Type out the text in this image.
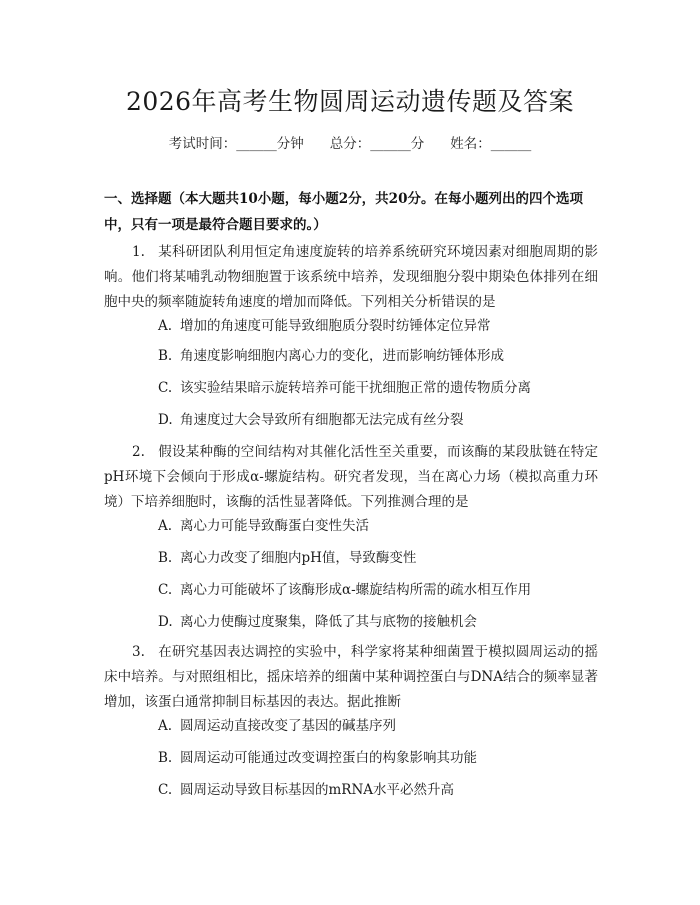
2026年高考生物圆周运动遗传题及答案
考试时间：______分钟 总分：______分 姓名：______
一、选择题（本大题共10小题，每小题2分，共20分。在每小题列出的四个选项中，只有一项是最符合题目要求的。）
1. 某科研团队利用恒定角速度旋转的培养系统研究环境因素对细胞周期的影响。他们将某哺乳动物细胞置于该系统中培养，发现细胞分裂中期染色体排列在细胞中央的频率随旋转角速度的增加而降低。下列相关分析错误的是
A. 增加的角速度可能导致细胞质分裂时纺锤体定位异常
B. 角速度影响细胞内离心力的变化，进而影响纺锤体形成
C. 该实验结果暗示旋转培养可能干扰细胞正常的遗传物质分离
D. 角速度过大会导致所有细胞都无法完成有丝分裂
2. 假设某种酶的空间结构对其催化活性至关重要，而该酶的某段肽链在特定pH环境下会倾向于形成α-螺旋结构。研究者发现，当在离心力场（模拟高重力环境）下培养细胞时，该酶的活性显著降低。下列推测合理的是
A. 离心力可能导致酶蛋白变性失活
B. 离心力改变了细胞内pH值，导致酶变性
C. 离心力可能破坏了该酶形成α-螺旋结构所需的疏水相互作用
D. 离心力使酶过度聚集，降低了其与底物的接触机会
3. 在研究基因表达调控的实验中，科学家将某种细菌置于模拟圆周运动的摇床中培养。与对照组相比，摇床培养的细菌中某种调控蛋白与DNA结合的频率显著增加，该蛋白通常抑制目标基因的表达。据此推断
A. 圆周运动直接改变了基因的碱基序列
B. 圆周运动可能通过改变调控蛋白的构象影响其功能
C. 圆周运动导致目标基因的mRNA水平必然升高
